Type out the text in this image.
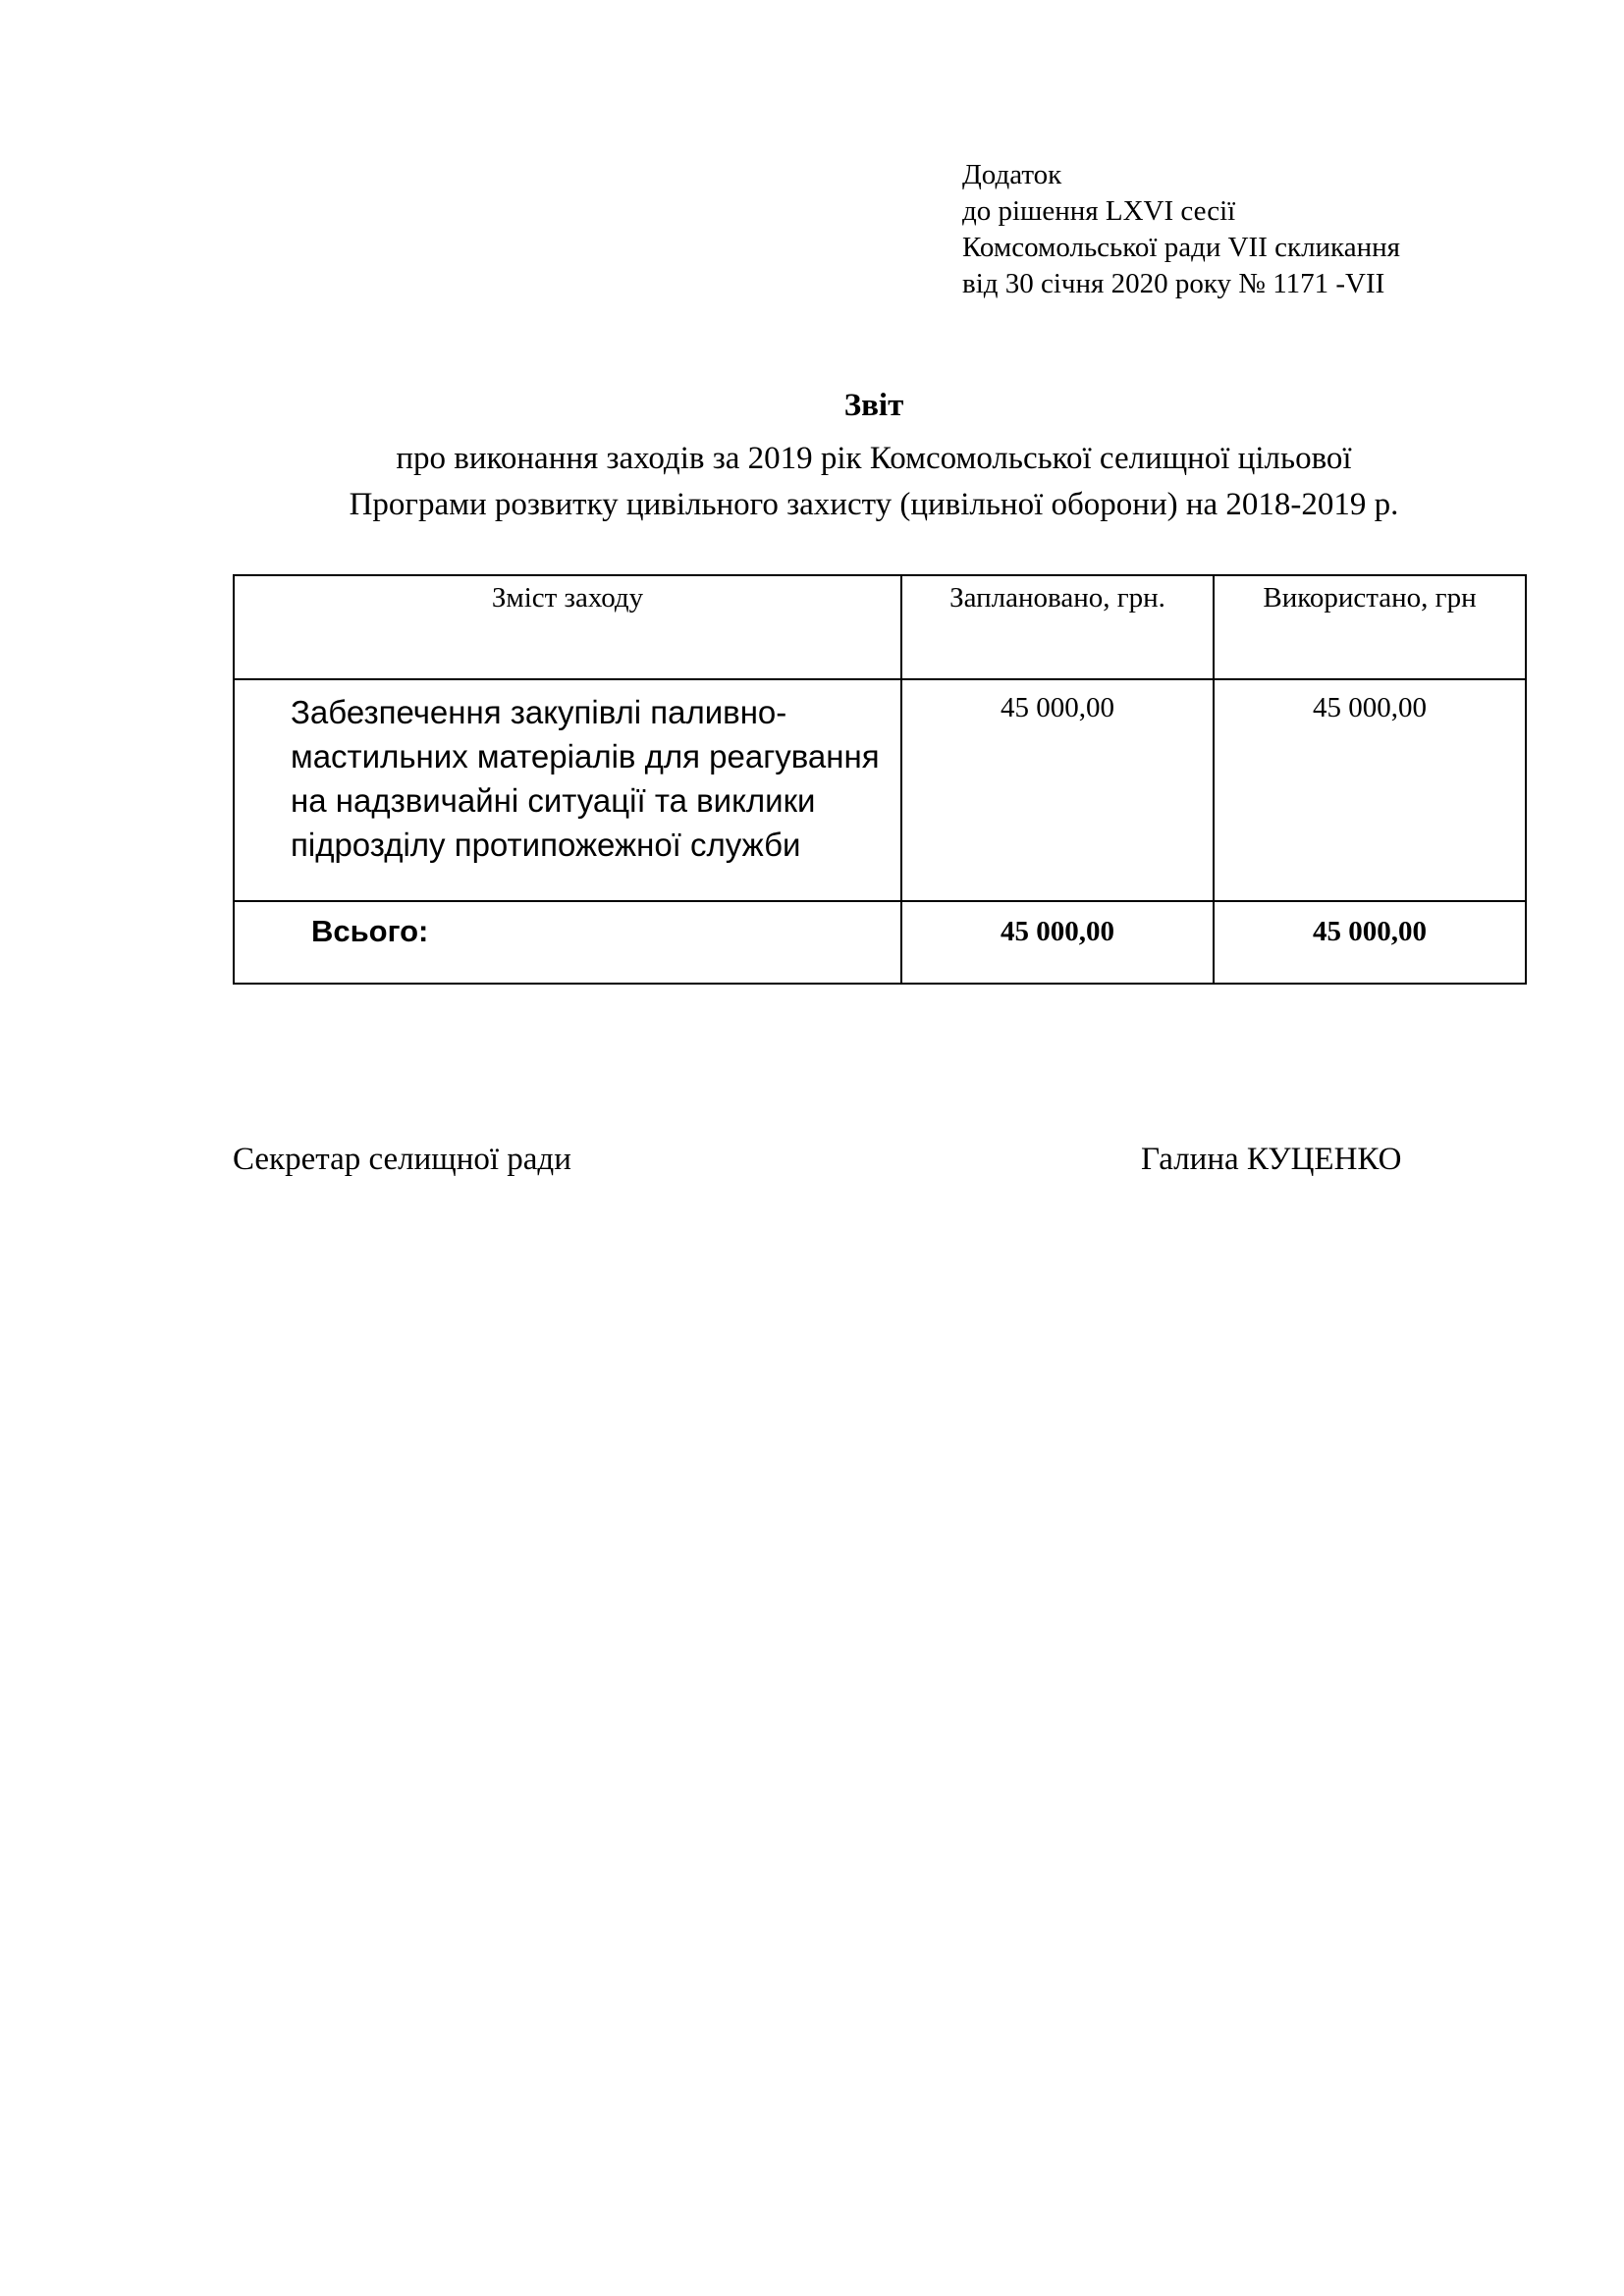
Додаток
до рішення LXVI сесії
Комсомольської ради VII скликання
від 30 січня 2020 року № 1171 -VII
Звіт
про виконання заходів за 2019 рік Комсомольської селищної цільової
Програми розвитку цивільного захисту (цивільної оборони) на 2018-2019 р.
Зміст заходу	Заплановано, грн.	Використано, грн
Забезпечення закупівлі паливно-мастильних матеріалів для реагування на надзвичайні ситуації та виклики підрозділу протипожежної служби	45 000,00	45 000,00
Всього:	45 000,00	45 000,00
Секретар селищної ради	Галина КУЦЕНКО
